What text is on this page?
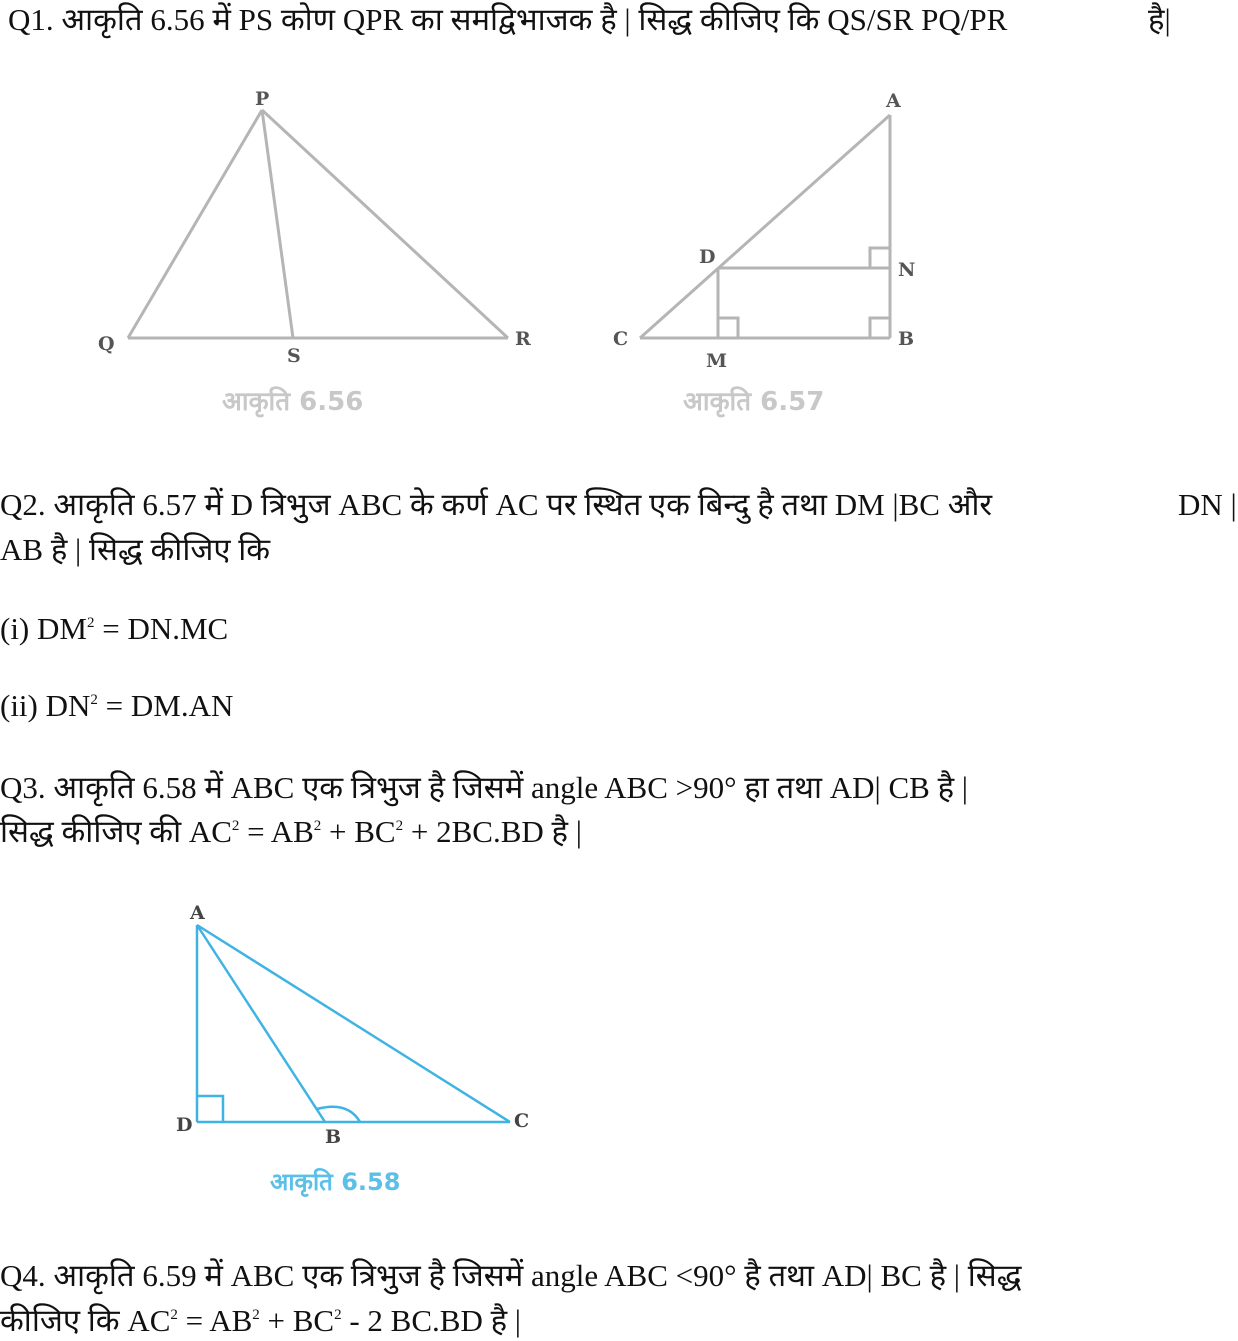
Q1. आकृति 6.56 में PS कोण QPR का समद्विभाजक है | सिद्ध कीजिए कि QS/SR PQ/PR	है|
P
Q
S
R
आकृति 6.56
A
D
N
C
M
B
आकृति 6.57
Q2. आकृति 6.57 में D त्रिभुज ABC के कर्ण AC पर स्थित एक बिन्दु है तथा DM |BC और	DN |
AB है | सिद्ध कीजिए कि
(i) $DM^2 = DN.MC$
(ii) $DN^2 = DM.AN$
Q3. आकृति 6.58 में ABC एक त्रिभुज है जिसमें angle ABC >90° हा तथा AD| CB है |
सिद्ध कीजिए की $AC^2 = AB^2 + BC^2 + 2BC.BD$ है |
A
D
B
C
आकृति 6.58
Q4. आकृति 6.59 में ABC एक त्रिभुज है जिसमें angle ABC <90° है तथा AD| BC है | सिद्ध
कीजिए कि $AC^2 = AB^2 + BC^2 - 2$ BC.BD है |
